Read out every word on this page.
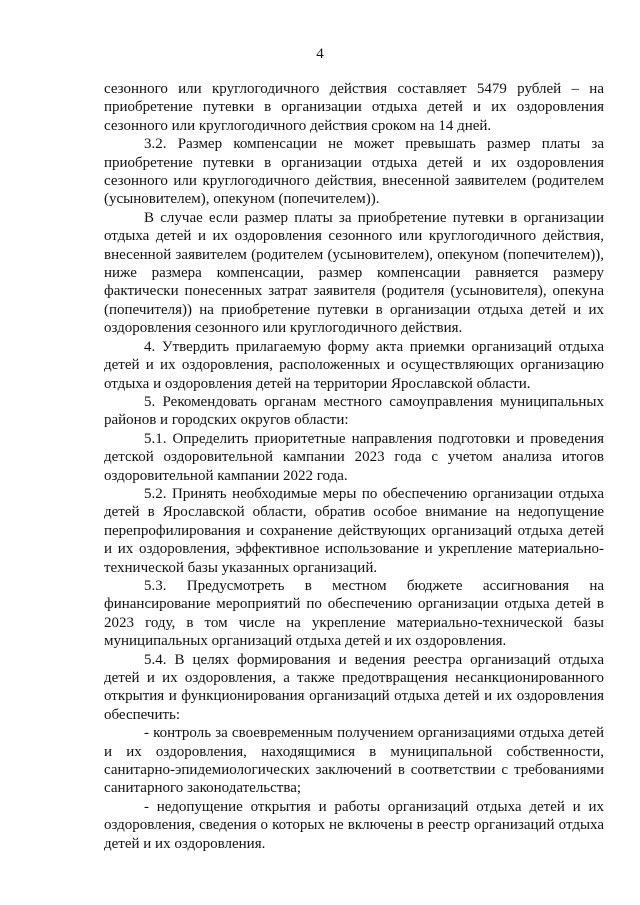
4

сезонного или круглогодичного действия составляет 5479 рублей – на приобретение путевки в организации отдыха детей и их оздоровления сезонного или круглогодичного действия сроком на 14 дней.

3.2. Размер компенсации не может превышать размер платы за приобретение путевки в организации отдыха детей и их оздоровления сезонного или круглогодичного действия, внесенной заявителем (родителем (усыновителем), опекуном (попечителем)).

В случае если размер платы за приобретение путевки в организации отдыха детей и их оздоровления сезонного или круглогодичного действия, внесенной заявителем (родителем (усыновителем), опекуном (попечителем)), ниже размера компенсации, размер компенсации равняется размеру фактически понесенных затрат заявителя (родителя (усыновителя), опекуна (попечителя)) на приобретение путевки в организации отдыха детей и их оздоровления сезонного или круглогодичного действия.

4. Утвердить прилагаемую форму акта приемки организаций отдыха детей и их оздоровления, расположенных и осуществляющих организацию отдыха и оздоровления детей на территории Ярославской области.

5. Рекомендовать органам местного самоуправления муниципальных районов и городских округов области:

5.1. Определить приоритетные направления подготовки и проведения детской оздоровительной кампании 2023 года с учетом анализа итогов оздоровительной кампании 2022 года.

5.2. Принять необходимые меры по обеспечению организации отдыха детей в Ярославской области, обратив особое внимание на недопущение перепрофилирования и сохранение действующих организаций отдыха детей и их оздоровления, эффективное использование и укрепление материально-технической базы указанных организаций.

5.3. Предусмотреть в местном бюджете ассигнования на финансирование мероприятий по обеспечению организации отдыха детей в 2023 году, в том числе на укрепление материально-технической базы муниципальных организаций отдыха детей и их оздоровления.

5.4. В целях формирования и ведения реестра организаций отдыха детей и их оздоровления, а также предотвращения несанкционированного открытия и функционирования организаций отдыха детей и их оздоровления обеспечить:

- контроль за своевременным получением организациями отдыха детей и их оздоровления, находящимися в муниципальной собственности, санитарно-эпидемиологических заключений в соответствии с требованиями санитарного законодательства;

- недопущение открытия и работы организаций отдыха детей и их оздоровления, сведения о которых не включены в реестр организаций отдыха детей и их оздоровления.
